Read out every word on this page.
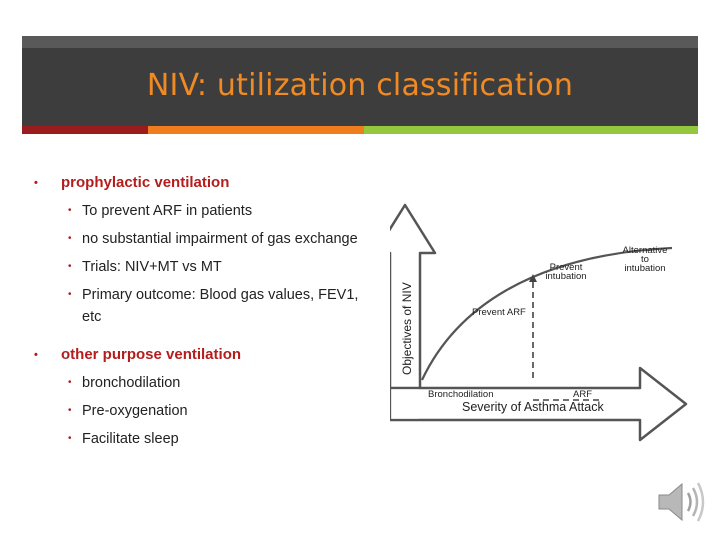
NIV: utilization classification
• prophylactic ventilation
• To prevent ARF in patients
• no substantial impairment of gas exchange
• Trials: NIV+MT vs MT
• Primary outcome: Blood gas values, FEV1, etc
• other purpose ventilation
• bronchodilation
• Pre-oxygenation
• Facilitate sleep
Objectives of NIV
Severity of Asthma Attack
Alternative
to
intubation
Prevent
intubation
Prevent ARF
Bronchodilation	ARF
